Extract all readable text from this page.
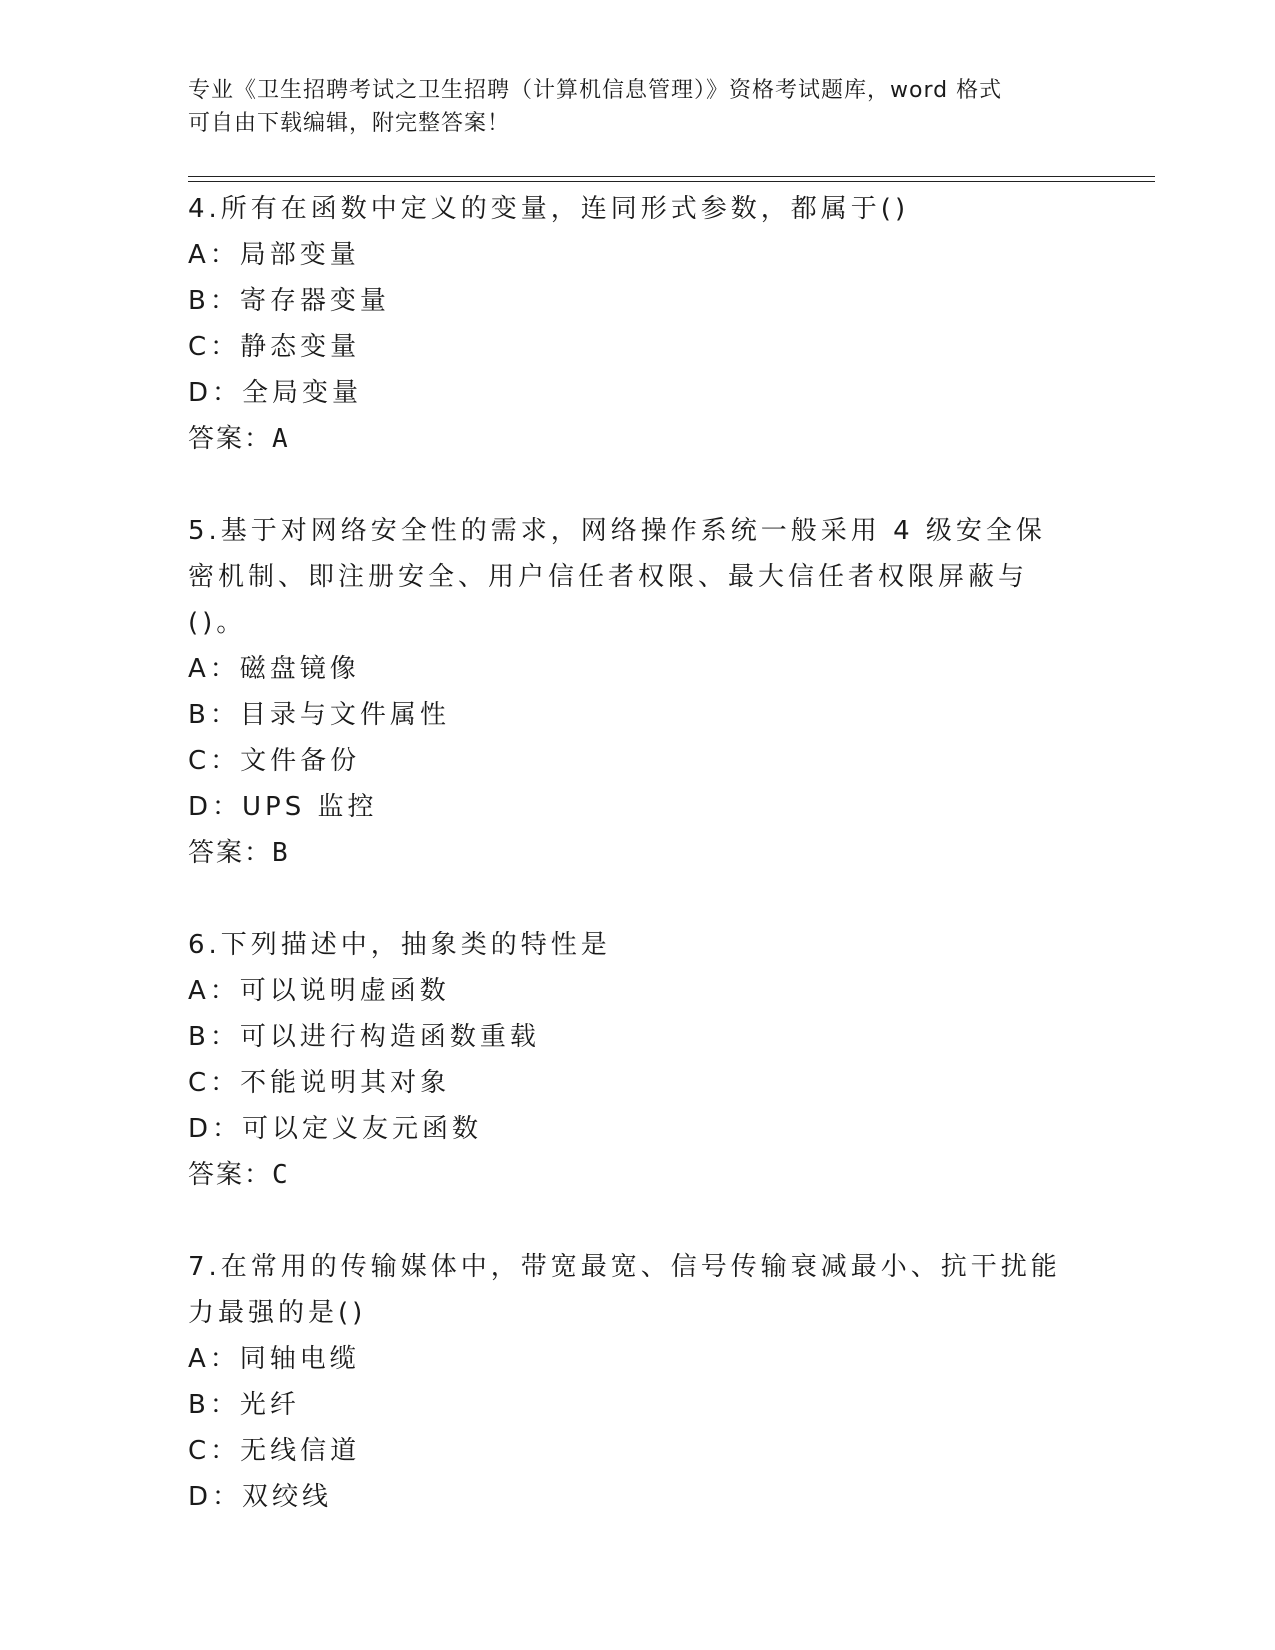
专业《卫生招聘考试之卫生招聘（计算机信息管理）》资格考试题库，word 格式
可自由下载编辑，附完整答案！
4.所有在函数中定义的变量，连同形式参数，都属于()
A：局部变量
B：寄存器变量
C：静态变量
D：全局变量
答案：A
5.基于对网络安全性的需求，网络操作系统一般采用 4 级安全保密机制、即注册安全、用户信任者权限、最大信任者权限屏蔽与()。
A：磁盘镜像
B：目录与文件属性
C：文件备份
D：UPS 监控
答案：B
6.下列描述中，抽象类的特性是
A：可以说明虚函数
B：可以进行构造函数重载
C：不能说明其对象
D：可以定义友元函数
答案：C
7.在常用的传输媒体中，带宽最宽、信号传输衰减最小、抗干扰能力最强的是()
A：同轴电缆
B：光纤
C：无线信道
D：双绞线
